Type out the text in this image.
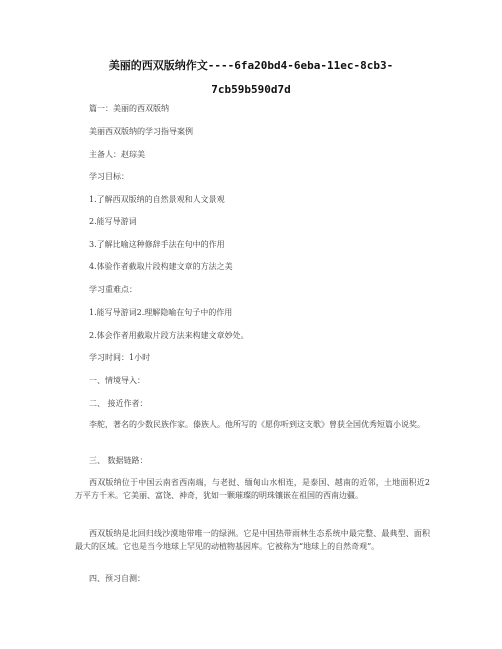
美丽的西双版纳作文----6fa20bd4-6eba-11ec-8cb3-
7cb59b590d7d
篇一：美丽的西双版纳
美丽西双版纳的学习指导案例
主备人：赵琮美
学习目标：
1.了解西双版纳的自然景观和人文景观
2.能写导游词
3.了解比喻这种修辞手法在句中的作用
4.体验作者截取片段构建文章的方法之美
学习重难点：
1.能写导游词2.理解隐喻在句子中的作用
2.体会作者用截取片段方法来构建文章妙处。
学习时间：1小时
一、情境导入：
二、 接近作者：
李舵，著名的少数民族作家。傣族人。他所写的《愿你听到这支歌》曾获全国优秀短篇小说奖。
三、 数据链路：
西双版纳位于中国云南省西南端，与老挝、缅甸山水相连，是泰国、越南的近邻，土地面积近2万平方千米。它美丽、富饶、神奇，犹如一颗璀璨的明珠镶嵌在祖国的西南边疆。
西双版纳是北回归线沙漠地带唯一的绿洲。它是中国热带雨林生态系统中最完整、最典型、面积最大的区域。它也是当今地球上罕见的动植物基因库。它被称为“地球上的自然奇观”。
四、预习自测：
